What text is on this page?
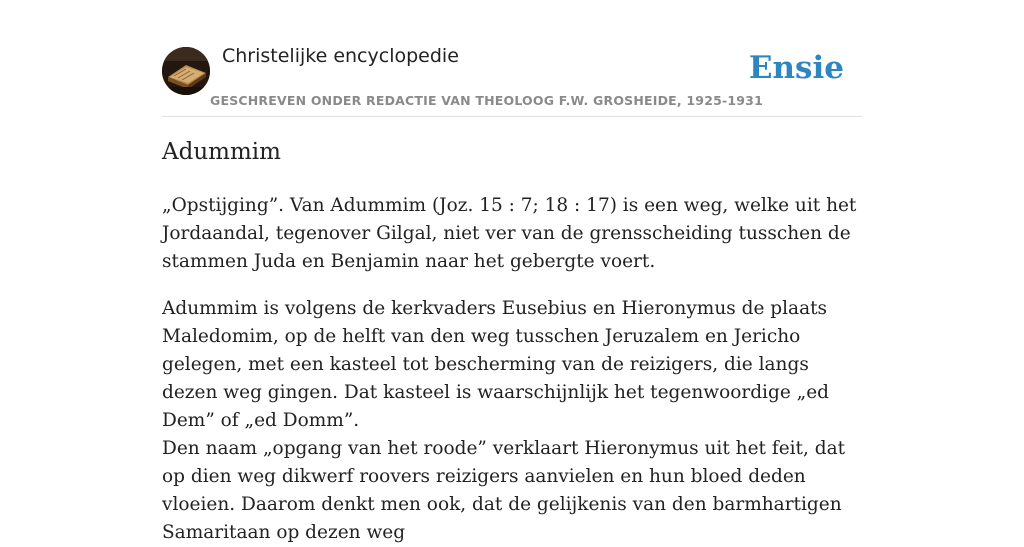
Christelijke encyclopedie
GESCHREVEN ONDER REDACTIE VAN THEOLOOG F.W. GROSHEIDE, 1925-1931
Ensie
Adummim

„Opstijging”. Van Adummim (Joz. 15 : 7; 18 : 17) is een weg, welke uit het Jordaandal, tegenover Gilgal, niet ver van de grensscheiding tusschen de stammen Juda en Benjamin naar het gebergte voert.

Adummim is volgens de kerkvaders Eusebius en Hieronymus de plaats Maledomim, op de helft van den weg tusschen Jeruzalem en Jericho gelegen, met een kasteel tot bescherming van de reizigers, die langs dezen weg gingen. Dat kasteel is waarschijnlijk het tegenwoordige „ed Dem” of „ed Domm”.

Den naam „opgang van het roode” verklaart Hieronymus uit het feit, dat op dien weg dikwerf roovers reizigers aanvielen en hun bloed deden vloeien. Daarom denkt men ook, dat de gelijkenis van den barmhartigen Samaritaan op dezen weg
